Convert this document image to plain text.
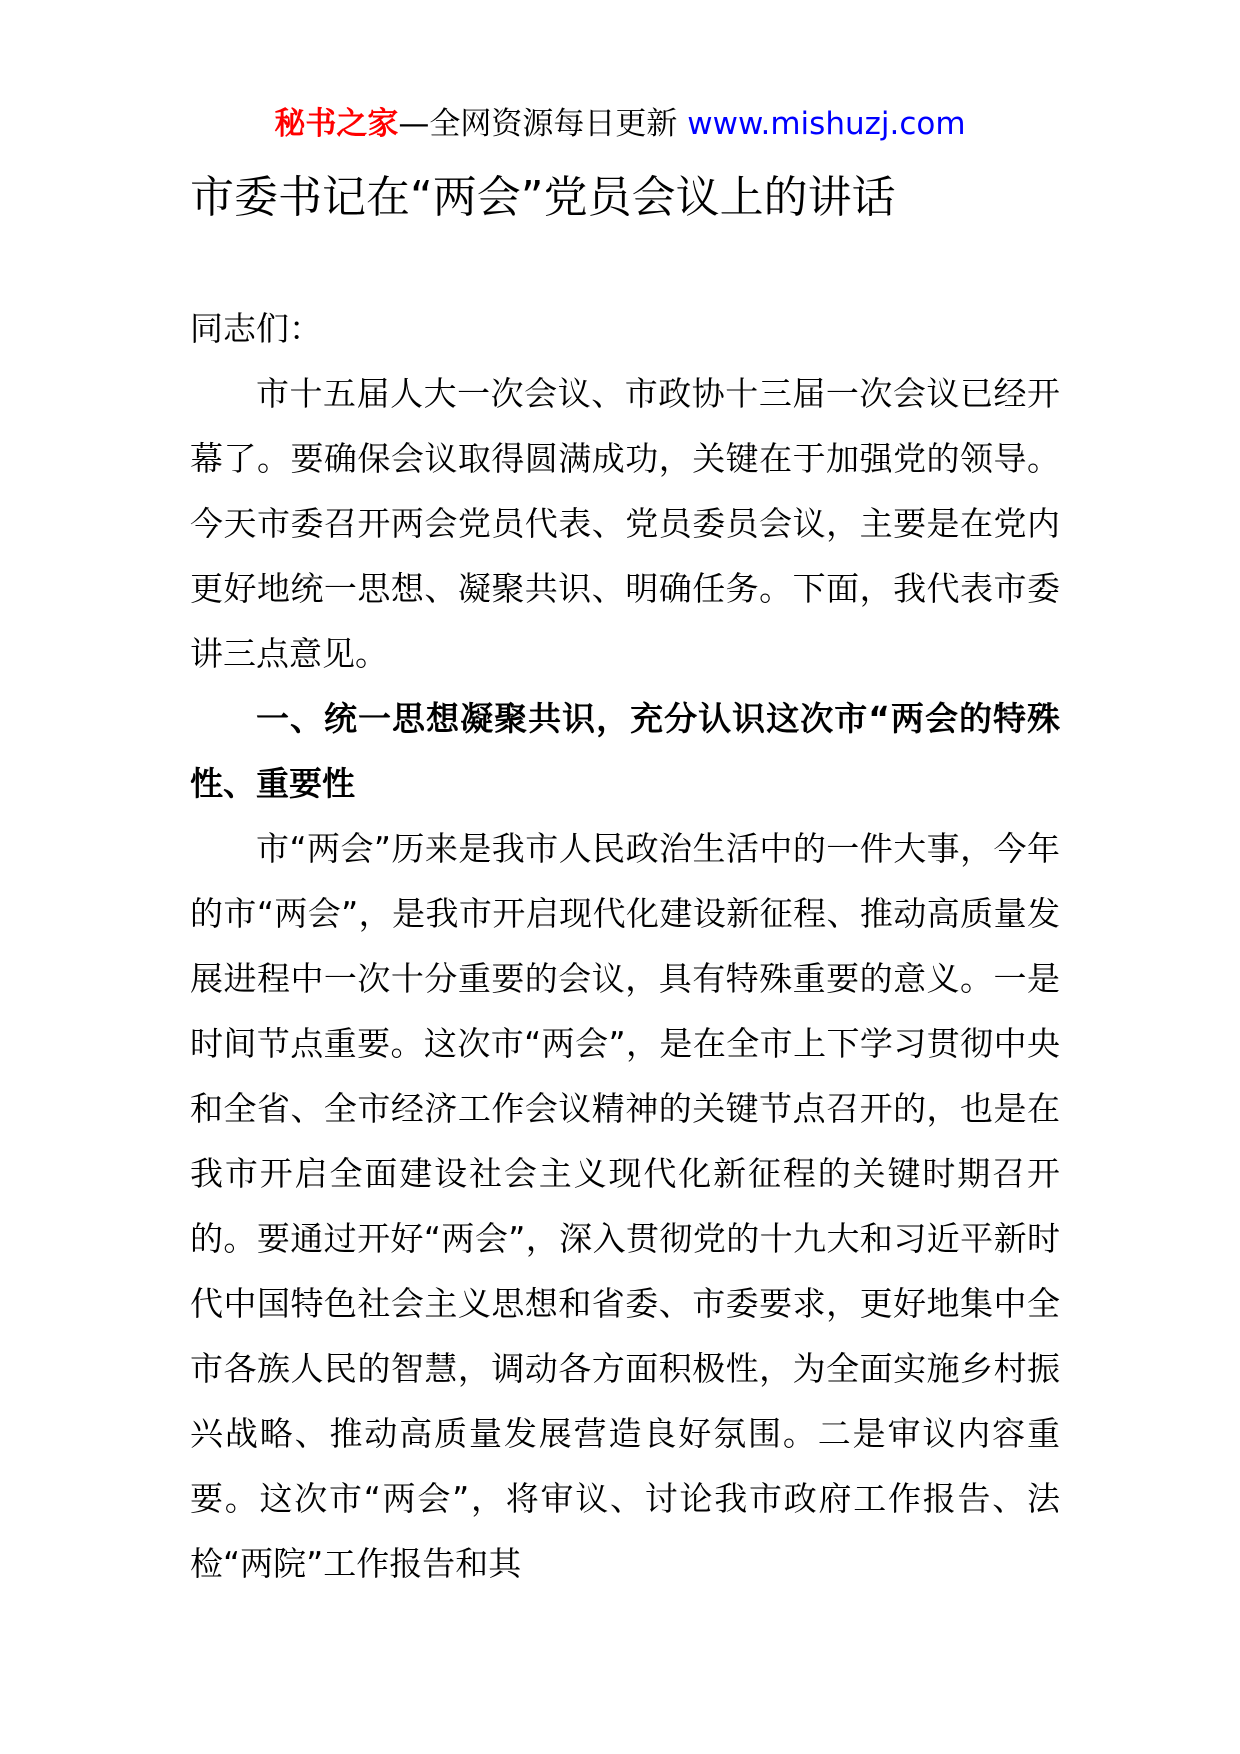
秘书之家—全网资源每日更新 www.mishuzj.com
市委书记在“两会”党员会议上的讲话

同志们：

市十五届人大一次会议、市政协十三届一次会议已经开幕了。要确保会议取得圆满成功，关键在于加强党的领导。今天市委召开两会党员代表、党员委员会议，主要是在党内更好地统一思想、凝聚共识、明确任务。下面，我代表市委讲三点意见。

一、统一思想凝聚共识，充分认识这次市“两会的特殊性、重要性

市“两会”历来是我市人民政治生活中的一件大事，今年的市“两会”，是我市开启现代化建设新征程、推动高质量发展进程中一次十分重要的会议，具有特殊重要的意义。一是时间节点重要。这次市“两会”，是在全市上下学习贯彻中央和全省、全市经济工作会议精神的关键节点召开的，也是在我市开启全面建设社会主义现代化新征程的关键时期召开的。要通过开好“两会”，深入贯彻党的十九大和习近平新时代中国特色社会主义思想和省委、市委要求，更好地集中全市各族人民的智慧，调动各方面积极性，为全面实施乡村振兴战略、推动高质量发展营造良好氛围。二是审议内容重要。这次市“两会”，将审议、讨论我市政府工作报告、法检“两院”工作报告和其
